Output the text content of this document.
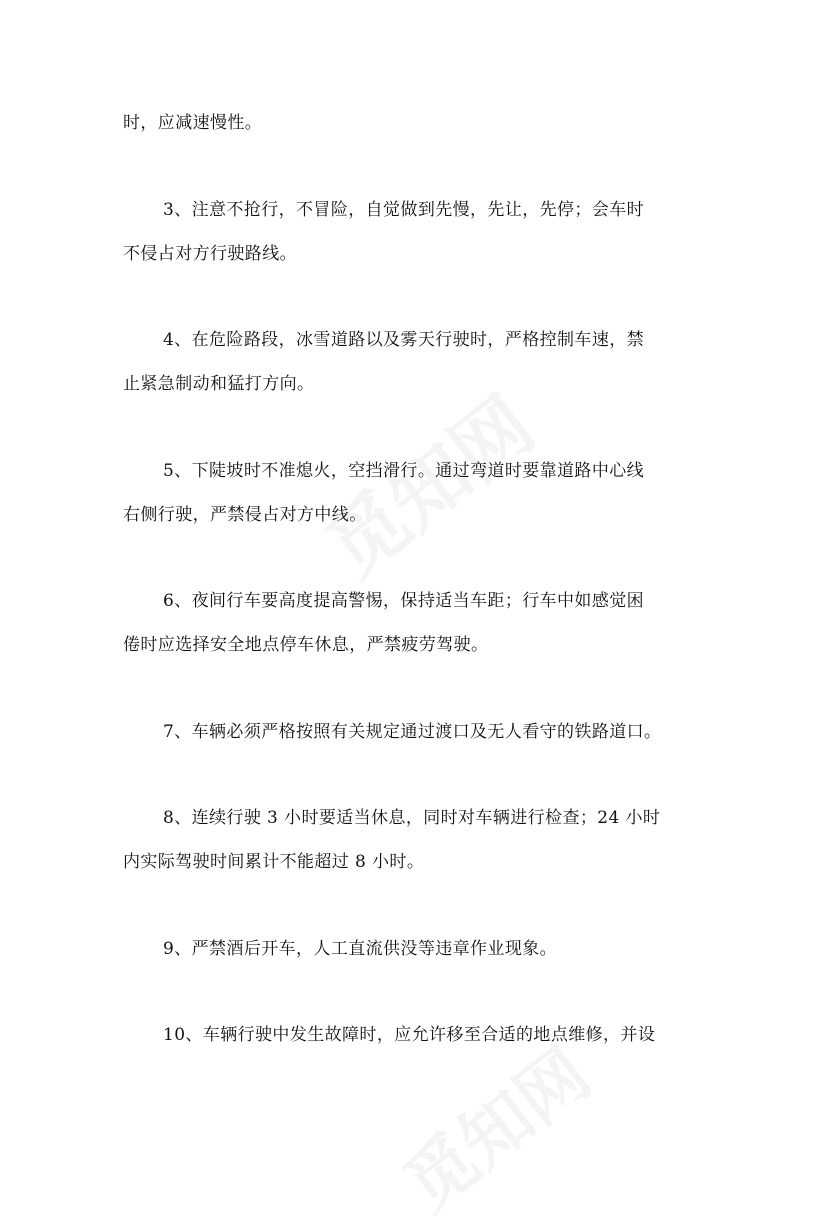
时，应减速慢性。
3、注意不抢行，不冒险，自觉做到先慢，先让，先停；会车时
不侵占对方行驶路线。
4、在危险路段，冰雪道路以及雾天行驶时，严格控制车速，禁
止紧急制动和猛打方向。
5、下陡坡时不准熄火，空挡滑行。通过弯道时要靠道路中心线
右侧行驶，严禁侵占对方中线。
6、夜间行车要高度提高警惕，保持适当车距；行车中如感觉困
倦时应选择安全地点停车休息，严禁疲劳驾驶。
7、车辆必须严格按照有关规定通过渡口及无人看守的铁路道口。
8、连续行驶 3 小时要适当休息，同时对车辆进行检查；24 小时
内实际驾驶时间累计不能超过 8 小时。
9、严禁酒后开车，人工直流供没等违章作业现象。
10、车辆行驶中发生故障时，应允许移至合适的地点维修，并设
